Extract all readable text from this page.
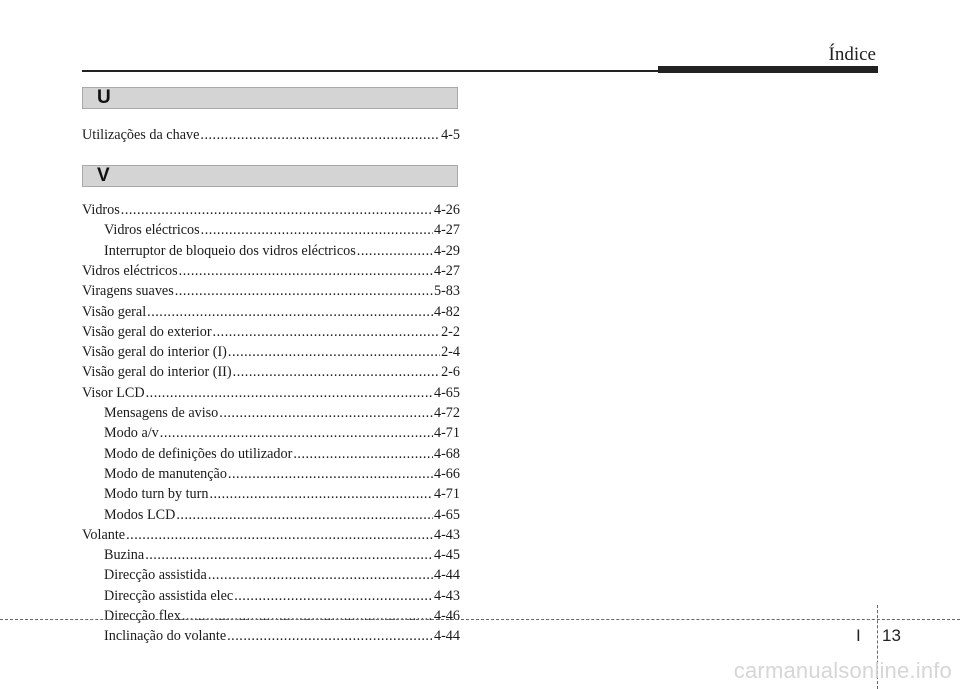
Índice
U
Utilizações da chave .....	4-5
V
Vidros .....	4-26
Vidros eléctricos .....	4-27
Interruptor de bloqueio dos vidros eléctricos .....	4-29
Vidros eléctricos .....	4-27
Viragens suaves .....	5-83
Visão geral .....	4-82
Visão geral do exterior .....	2-2
Visão geral do interior (I) .....	2-4
Visão geral do interior (II) .....	2-6
Visor LCD .....	4-65
Mensagens de aviso .....	4-72
Modo a/v .....	4-71
Modo de definições do utilizador .....	4-68
Modo de manutenção .....	4-66
Modo turn by turn .....	4-71
Modos LCD .....	4-65
Volante .....	4-43
Buzina .....	4-45
Direcção assistida .....	4-44
Direcção assistida elec .....	4-43
Direcção flex .....	4-46
Inclinação do volante .....	4-44	I 13
carmanualsonline.info
